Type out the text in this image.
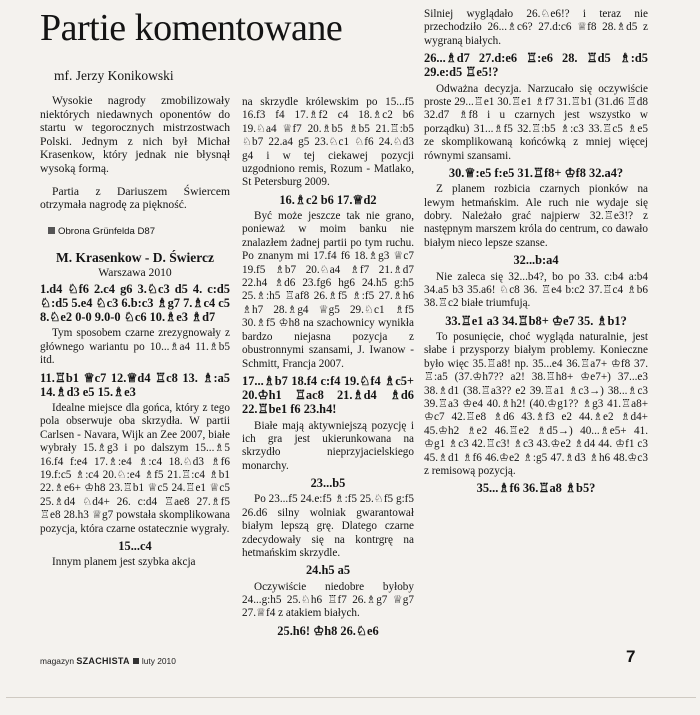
Partie komentowane
mf. Jerzy Konikowski

Wysokie nagrody zmobilizowały niektórych niedawnych oponentów do startu w tegorocznych mistrzostwach Polski. Jednym z nich był Michał Krasenkow, który jednak nie błysnął wysoką formą.

Partia z Dariuszem Świercem otrzymała nagrodę za piękność.

Obrona Grünfelda D87
M. Krasenkow - D. Świercz
Warszawa 2010

1.d4 ♘f6 2.c4 g6 3.♘c3 d5 4. c:d5 ♘:d5 5.e4 ♘c3 6.b:c3 ♗g7 7.♗c4 c5 8.♘e2 0-0 9.0-0 ♘c6 10.♗e3 ♗d7

Tym sposobem czarne zrezygnowały z głównego wariantu po 10...♗a4 11.♗b5 itd.

11.♖b1 ♕c7 12.♕d4 ♖c8 13. ♗:a5 14.♗d3 e5 15.♗e3

Idealne miejsce dla gońca, który z tego pola obserwuje oba skrzydła. W partii Carlsen - Navara, Wijk an Zee 2007, białe wybrały 15.♗g3 i po dalszym 15...♗5 16.f4 f:e4 17.♗:e4 ♗:c4 18.♘d3 ♗f6 19.f:c5 ♗:c4 20.♘:e4 ♗f5 21.♖:c4 ♗b1 22.♗e6+ ♔h8 23.♖b1 ♕c5 24.♖e1 ♕c5 25.♗d4 ♘d4+ 26. c:d4 ♖ae8 27.♗f5 ♖e8 28.h3 ♕g7 powstała skomplikowana pozycja, która czarne ostatecznie wygrały.

15...c4

Innym planem jest szybka akcja

na skrzydle królewskim po 15...f5 16.f3 f4 17.♗f2 c4 18.♗c2 b6 19.♘a4 ♕f7 20.♗b5 ♗b5 21.♖:b5 ♘b7 22.a4 g5 23.♘c1 ♘f6 24.♘d3 g4 i w tej ciekawej pozycji uzgodniono remis, Rozum - Matlako, St Petersburg 2009.

16.♗c2 b6 17.♕d2

Być może jeszcze tak nie grano, ponieważ w moim banku nie znalazłem żadnej partii po tym ruchu. Po znanym mi 17.f4 f6 18.♗g3 ♕c7 19.f5 ♗b7 20.♘a4 ♗f7 21.♗d7 22.h4 ♗d6 23.fg6 hg6 24.h5 g:h5 25.♗:h5 ♖af8 26.♗f5 ♗:f5 27.♗h6 ♗h7 28.♗g4 ♕g5 29.♘c1 ♗f5 30.♗f5 ♔h8 na szachownicy wynikła bardzo niejasna pozycja z obustronnymi szansami, J. Iwanow - Schmitt, Francja 2007.

17...♗b7 18.f4 c:f4 19.♘f4 ♗c5+ 20.♔h1 ♖ac8 21.♗d4 ♗d6 22.♖be1 f6 23.h4!

Białe mają aktywniejszą pozycję i ich gra jest ukierunkowana na skrzydło nieprzyjacielskiego monarchy.

23...b5

Po 23...f5 24.e:f5 ♗:f5 25.♘f5 g:f5 26.d6 silny wolniak gwarantował białym lepszą grę. Dlatego czarne zdecydowały się na kontrgrę na hetmańskim skrzydle.

24.h5 a5

Oczywiście niedobre byłoby 24...g:h5 25.♘h6 ♖f7 26.♗g7 ♕g7 27.♕f4 z atakiem białych.

25.h6! ♔h8 26.♘e6

Silniej wyglądało 26.♘e6!? i teraz nie przechodziło 26...♗c6? 27.d:c6 ♕f8 28.♗d5 z wygraną białych.

26...♗d7 27.d:e6 ♖:e6 28. ♖d5 ♗:d5 29.e:d5 ♖e5!?

Odważna decyzja. Narzucało się oczywiście proste 29...♖e1 30.♖e1 ♗f7 31.♖b1 (31.d6 ♖d8 32.d7 ♗f8 i u czarnych jest wszystko w porządku) 31...♗f5 32.♖:b5 ♗:c3 33.♖c5 ♗e5 ze skomplikowaną końcówką z mniej więcej równymi szansami.

30.♕:e5 f:e5 31.♖f8+ ♔f8 32.a4?

Z planem rozbicia czarnych pionków na lewym hetmańskim. Ale ruch nie wydaje się dobry. Należało grać najpierw 32.♖e3!? z następnym marszem króla do centrum, co dawało białym nieco lepsze szanse.

32...b:a4

Nie zaleca się 32...b4?, bo po 33. c:b4 a:b4 34.a5 b3 35.a6! ♘c8 36. ♖e4 b:c2 37.♖c4 ♗b6 38.♖c2 białe triumfują.

33.♖e1 a3 34.♖b8+ ♔e7 35. ♗b1?

To posunięcie, choć wygląda naturalnie, jest słabe i przysporzy białym problemy. Konieczne było więc 35.♖a8! np. 35...e4 36.♖a7+ ♔f8 37. ♖:a5 (37.♔h7?? a2! 38.♖h8+ ♔e7+) 37...e3 38.♗d1 (38.♖a3?? e2 39.♖a1 ♗c3→) 38...♗c3 39.♖a3 ♔e4 40.♗h2! (40.♔g1?? ♗g3 41.♖a8+ ♔c7 42.♖e8 ♗d6 43.♗f3 e2 44.♗e2 ♗d4+ 45.♔h2 ♗e2 46.♖e2 ♗d5→) 40...♗e5+ 41. ♔g1 ♗c3 42.♖c3! ♗c3 43.♔e2 ♗d4 44. ♔f1 c3 45.♗d1 ♗f6 46.♔e2 ♗:g5 47.♗d3 ♗h6 48.♔c3 z remisową pozycją.

35...♗f6 36.♖a8 ♗b5?

magazyn SZACHISTA luty 2010	7
